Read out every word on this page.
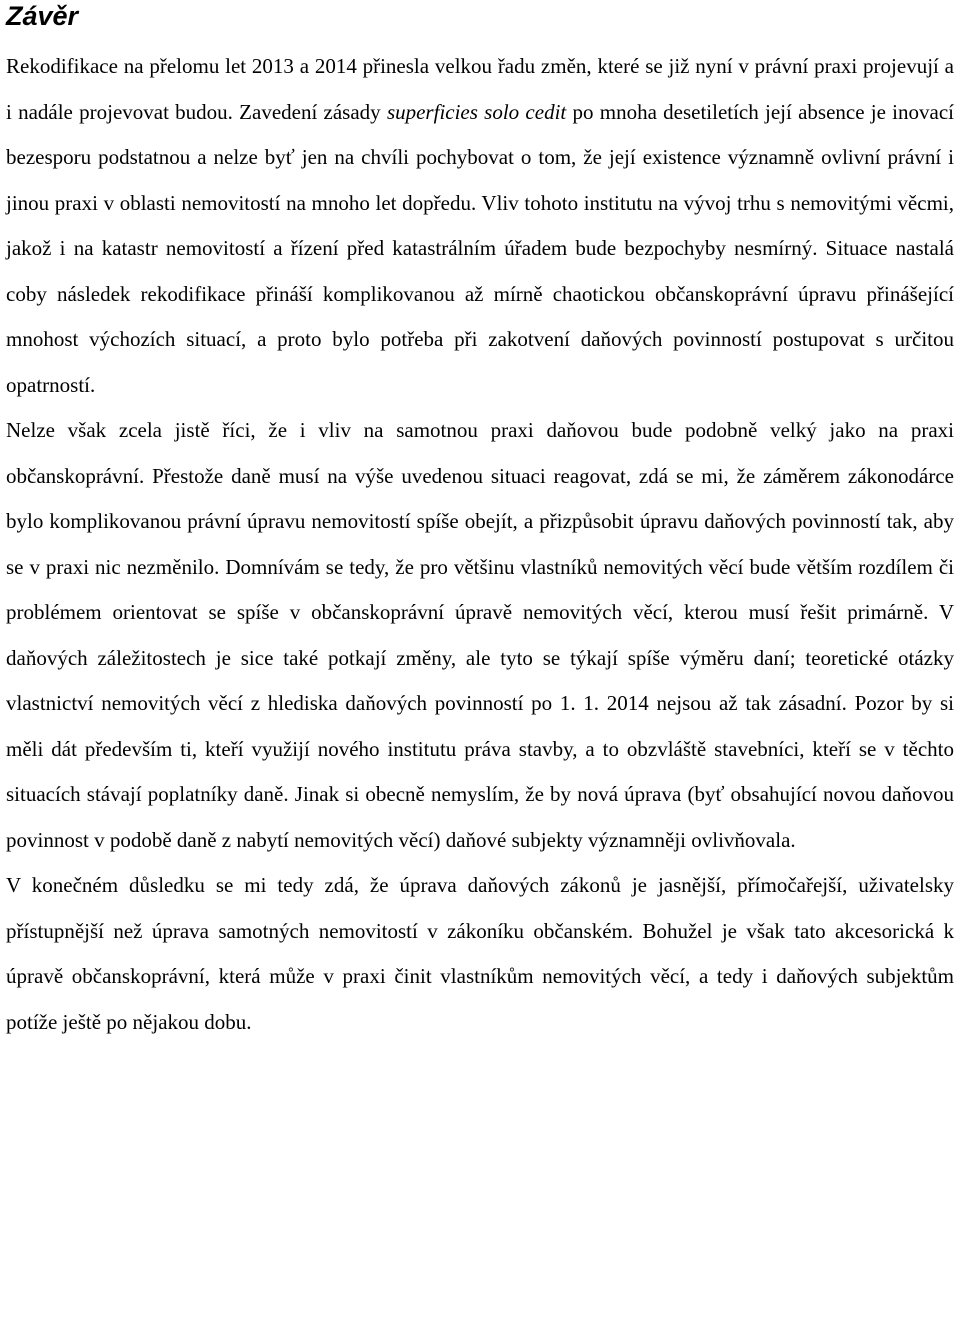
Závěr

Rekodifikace na přelomu let 2013 a 2014 přinesla velkou řadu změn, které se již nyní v právní praxi projevují a i nadále projevovat budou. Zavedení zásady superficies solo cedit po mnoha desetiletích její absence je inovací bezesporu podstatnou a nelze byť jen na chvíli pochybovat o tom, že její existence významně ovlivní právní i jinou praxi v oblasti nemovitostí na mnoho let dopředu. Vliv tohoto institutu na vývoj trhu s nemovitými věcmi, jakož i na katastr nemovitostí a řízení před katastrálním úřadem bude bezpochyby nesmírný. Situace nastalá coby následek rekodifikace přináší komplikovanou až mírně chaotickou občanskoprávní úpravu přinášející mnohost výchozích situací, a proto bylo potřeba při zakotvení daňových povinností postupovat s určitou opatrností.

Nelze však zcela jistě říci, že i vliv na samotnou praxi daňovou bude podobně velký jako na praxi občanskoprávní. Přestože daně musí na výše uvedenou situaci reagovat, zdá se mi, že záměrem zákonodárce bylo komplikovanou právní úpravu nemovitostí spíše obejít, a přizpůsobit úpravu daňových povinností tak, aby se v praxi nic nezměnilo. Domnívám se tedy, že pro většinu vlastníků nemovitých věcí bude větším rozdílem či problémem orientovat se spíše v občanskoprávní úpravě nemovitých věcí, kterou musí řešit primárně. V daňových záležitostech je sice také potkají změny, ale tyto se týkají spíše výměru daní; teoretické otázky vlastnictví nemovitých věcí z hlediska daňových povinností po 1. 1. 2014 nejsou až tak zásadní. Pozor by si měli dát především ti, kteří využijí nového institutu práva stavby, a to obzvláště stavebníci, kteří se v těchto situacích stávají poplatníky daně. Jinak si obecně nemyslím, že by nová úprava (byť obsahující novou daňovou povinnost v podobě daně z nabytí nemovitých věcí) daňové subjekty významněji ovlivňovala.

V konečném důsledku se mi tedy zdá, že úprava daňových zákonů je jasnější, přímočařejší, uživatelsky přístupnější než úprava samotných nemovitostí v zákoníku občanském. Bohužel je však tato akcesorická k úpravě občanskoprávní, která může v praxi činit vlastníkům nemovitých věcí, a tedy i daňových subjektům potíže ještě po nějakou dobu.
